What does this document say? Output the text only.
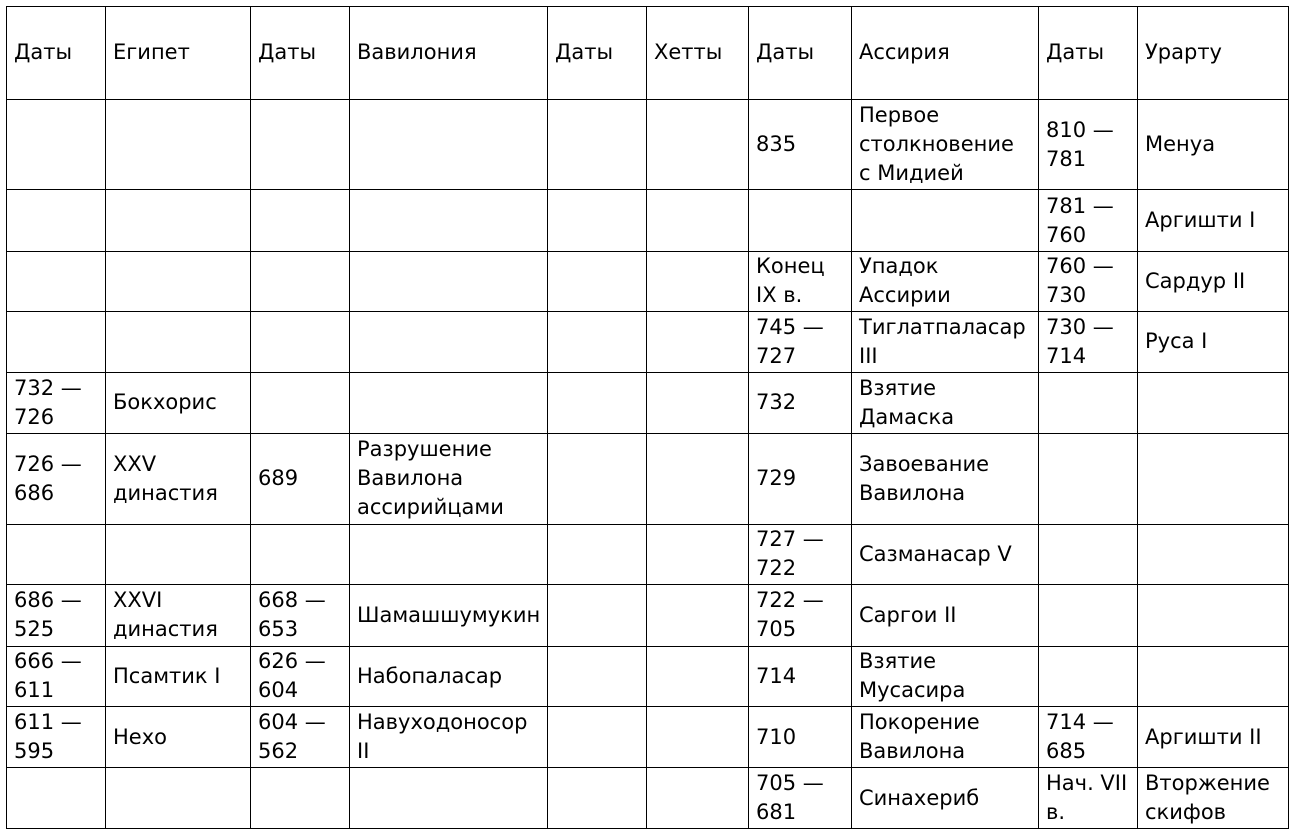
Даты	Египет	Даты	Вавилония	Даты	Хетты	Даты	Ассирия	Даты	Урарту
						835	Первое столкновение с Мидией	810 — 781	Менуа
								781 — 760	Аргишти I
						Конец IX в.	Упадок Ассирии	760 — 730	Сардур II
						745 — 727	Тиглатпаласар III	730 — 714	Руса I
732 — 726	Бокхорис					732	Взятие Дамаска		
726 — 686	XXV династия	689	Разрушение Вавилона ассирийцами			729	Завоевание Вавилона		
						727 — 722	Сазманасар V		
686 — 525	XXVI династия	668 — 653	Шамашшумукин			722 — 705	Саргои II		
666 — 611	Псамтик I	626 — 604	Набопаласар			714	Взятие Мусасира		
611 — 595	Нехо	604 — 562	Навуходоносор II			710	Покорение Вавилона	714 — 685	Аргишти II
						705 — 681	Синахериб	Нач. VII в.	Вторжение скифов
